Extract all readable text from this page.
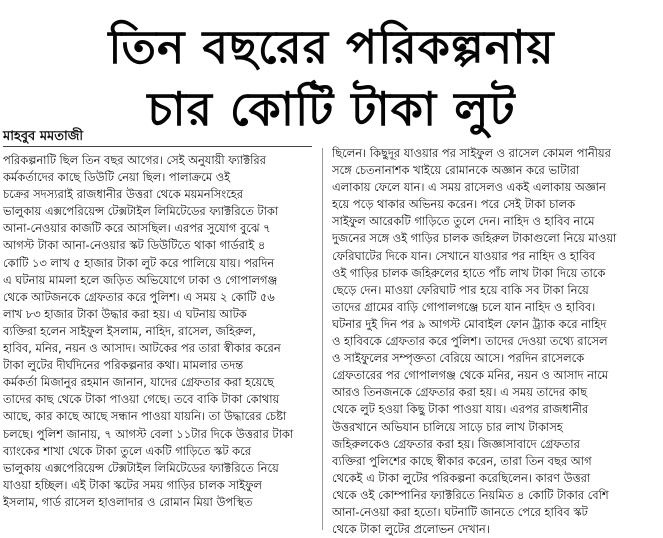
তিন বছরের পরিকল্পনায়
চার কোটি টাকা লুট
মাহবুব মমতাজী
পরিকল্পনাটি ছিল তিন বছর আগের। সেই অনুযায়ী ফ্যাক্টরির
কর্মকর্তাদের কাছে ডিউটি নেয়া ছিল। পালাক্রমে ওই
চক্রের সদস্যরাই রাজধানীর উত্তরা থেকে ময়মনসিংহের
ভালুকায় এক্সপেরিয়েন্স টেক্সটাইল লিমিটেডের ফ্যাক্টরিতে টাকা
আনা-নেওয়ার কাজটি করে আসছিল। এরপর সুযোগ বুঝে ৭
আগস্ট টাকা আনা-নেওয়ার স্কট ডিউটিতে থাকা গার্ডরাই ৪
কোটি ১৩ লাখ ৫ হাজার টাকা লুট করে পালিয়ে যায়। পরদিন
এ ঘটনায় মামলা হলে জড়িত অভিযোগে ঢাকা ও গোপালগঞ্জ
থেকে আটজনকে গ্রেফতার করে পুলিশ। এ সময় ২ কোটি ৫৬
লাখ ৮৩ হাজার টাকা উদ্ধার করা হয়। এ ঘটনায় আটক
ব্যক্তিরা হলেন সাইফুল ইসলাম, নাহিদ, রাসেল, জহিরুল,
হাবিব, মনির, নয়ন ও আসাদ। আটকের পর তারা স্বীকার করেন
টাকা লুটের দীর্ঘদিনের পরিকল্পনার কথা। মামলার তদন্ত
কর্মকর্তা মিজানুর রহমান জানান, যাদের গ্রেফতার করা হয়েছে
তাদের কাছ থেকে টাকা পাওয়া গেছে। তবে বাকি টাকা কোথায়
আছে, কার কাছে আছে সন্ধান পাওয়া যায়নি। তা উদ্ধারের চেষ্টা
চলছে। পুলিশ জানায়, ৭ আগস্ট বেলা ১১টার দিকে উত্তরার টাকা
ব্যাংকের শাখা থেকে টাকা তুলে একটি গাড়িতে স্কট করে
ভালুকায় এক্সপেরিয়েন্স টেক্সটাইল লিমিটেডের ফ্যাক্টরিতে নিয়ে
যাওয়া হচ্ছিল। এই টাকা স্কটের সময় গাড়ির চালক সাইফুল
ইসলাম, গার্ড রাসেল হাওলাদার ও রোমান মিয়া উপস্থিত
ছিলেন। কিছুদূর যাওয়ার পর সাইফুল ও রাসেল কোমল পানীয়র
সঙ্গে চেতনানাশক খাইয়ে রোমানকে অজ্ঞান করে ভাটারা
এলাকায় ফেলে যান। এ সময় রাসেলও একই এলাকায় অজ্ঞান
হয়ে পড়ে থাকার অভিনয় করেন। পরে সেই টাকা চালক
সাইফুল আরেকটি গাড়িতে তুলে দেন। নাহিদ ও হাবিব নামে
দুজনের সঙ্গে ওই গাড়ির চালক জহিরুল টাকাগুলো নিয়ে মাওয়া
ফেরিঘাটের দিকে যান। সেখানে যাওয়ার পর নাহিদ ও হাবিব
ওই গাড়ির চালক জহিরুলের হাতে পাঁচ লাখ টাকা দিয়ে তাকে
ছেড়ে দেন। মাওয়া ফেরিঘাট পার হয়ে বাকি সব টাকা নিয়ে
তাদের গ্রামের বাড়ি গোপালগঞ্জে চলে যান নাহিদ ও হাবিব।
ঘটনার দুই দিন পর ৯ আগস্ট মোবাইল ফোন ট্র্যাক করে নাহিদ
ও হাবিবকে গ্রেফতার করে পুলিশ। তাদের দেওয়া তথ্যে রাসেল
ও সাইফুলের সম্পৃক্ততা বেরিয়ে আসে। পরদিন রাসেলকে
গ্রেফতারের পর গোপালগঞ্জ থেকে মনির, নয়ন ও আসাদ নামে
আরও তিনজনকে গ্রেফতার করা হয়। এ সময় তাদের কাছ
থেকে লুট হওয়া কিছু টাকা পাওয়া যায়। এরপর রাজধানীর
উত্তরখানে অভিযান চালিয়ে সাড়ে চার লাখ টাকাসহ
জহিরুলকেও গ্রেফতার করা হয়। জিজ্ঞাসাবাদে গ্রেফতার
ব্যক্তিরা পুলিশের কাছে স্বীকার করেন, তারা তিন বছর আগ
থেকেই এ টাকা লুটের পরিকল্পনা করেছিলেন। কারণ উত্তরা
থেকে ওই কোম্পানির ফ্যাক্টরিতে নিয়মিত ৪ কোটি টাকার বেশি
আনা-নেওয়া করা হতো। ঘটনাটি জানতে পেরে হাবিব স্কট
থেকে টাকা লুটের প্রলোভন দেখান।
